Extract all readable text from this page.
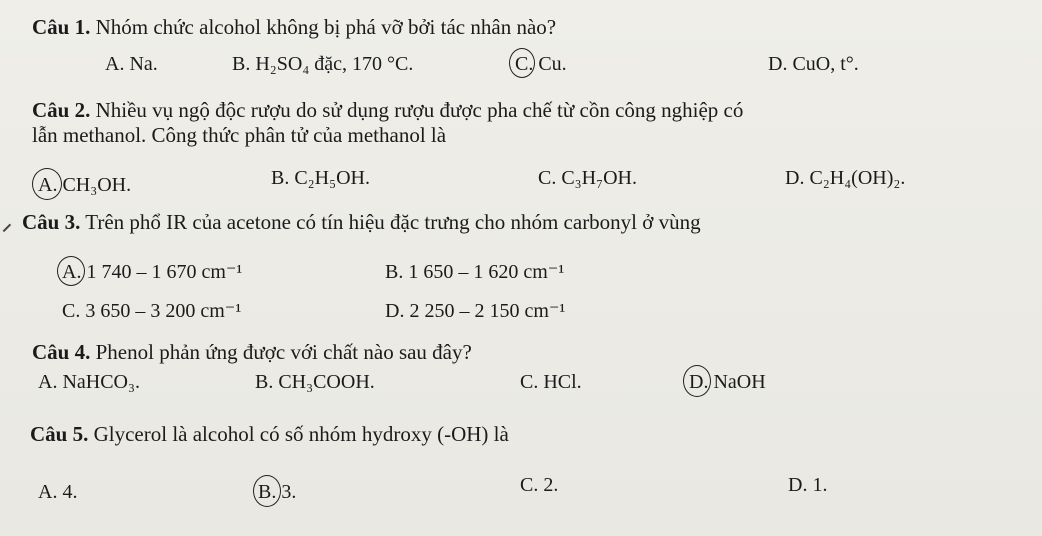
Câu 1. Nhóm chức alcohol không bị phá vỡ bởi tác nhân nào?
A. Na.	B. H₂SO₄ đặc, 170 °C.	C. Cu.	D. CuO, t°.
Câu 2. Nhiều vụ ngộ độc rượu do sử dụng rượu được pha chế từ cồn công nghiệp có
lẫn methanol. Công thức phân tử của methanol là
A. CH₃OH.	B. C₂H₅OH.	C. C₃H₇OH.	D. C₂H₄(OH)₂.
Câu 3. Trên phổ IR của acetone có tín hiệu đặc trưng cho nhóm carbonyl ở vùng
A. 1 740 – 1 670 cm⁻¹	B. 1 650 – 1 620 cm⁻¹
C. 3 650 – 3 200 cm⁻¹	D. 2 250 – 2 150 cm⁻¹
Câu 4. Phenol phản ứng được với chất nào sau đây?
A. NaHCO₃.	B. CH₃COOH.	C. HCl.	D. NaOH
Câu 5. Glycerol là alcohol có số nhóm hydroxy (-OH) là
A. 4.	B. 3.	C. 2.	D. 1.
